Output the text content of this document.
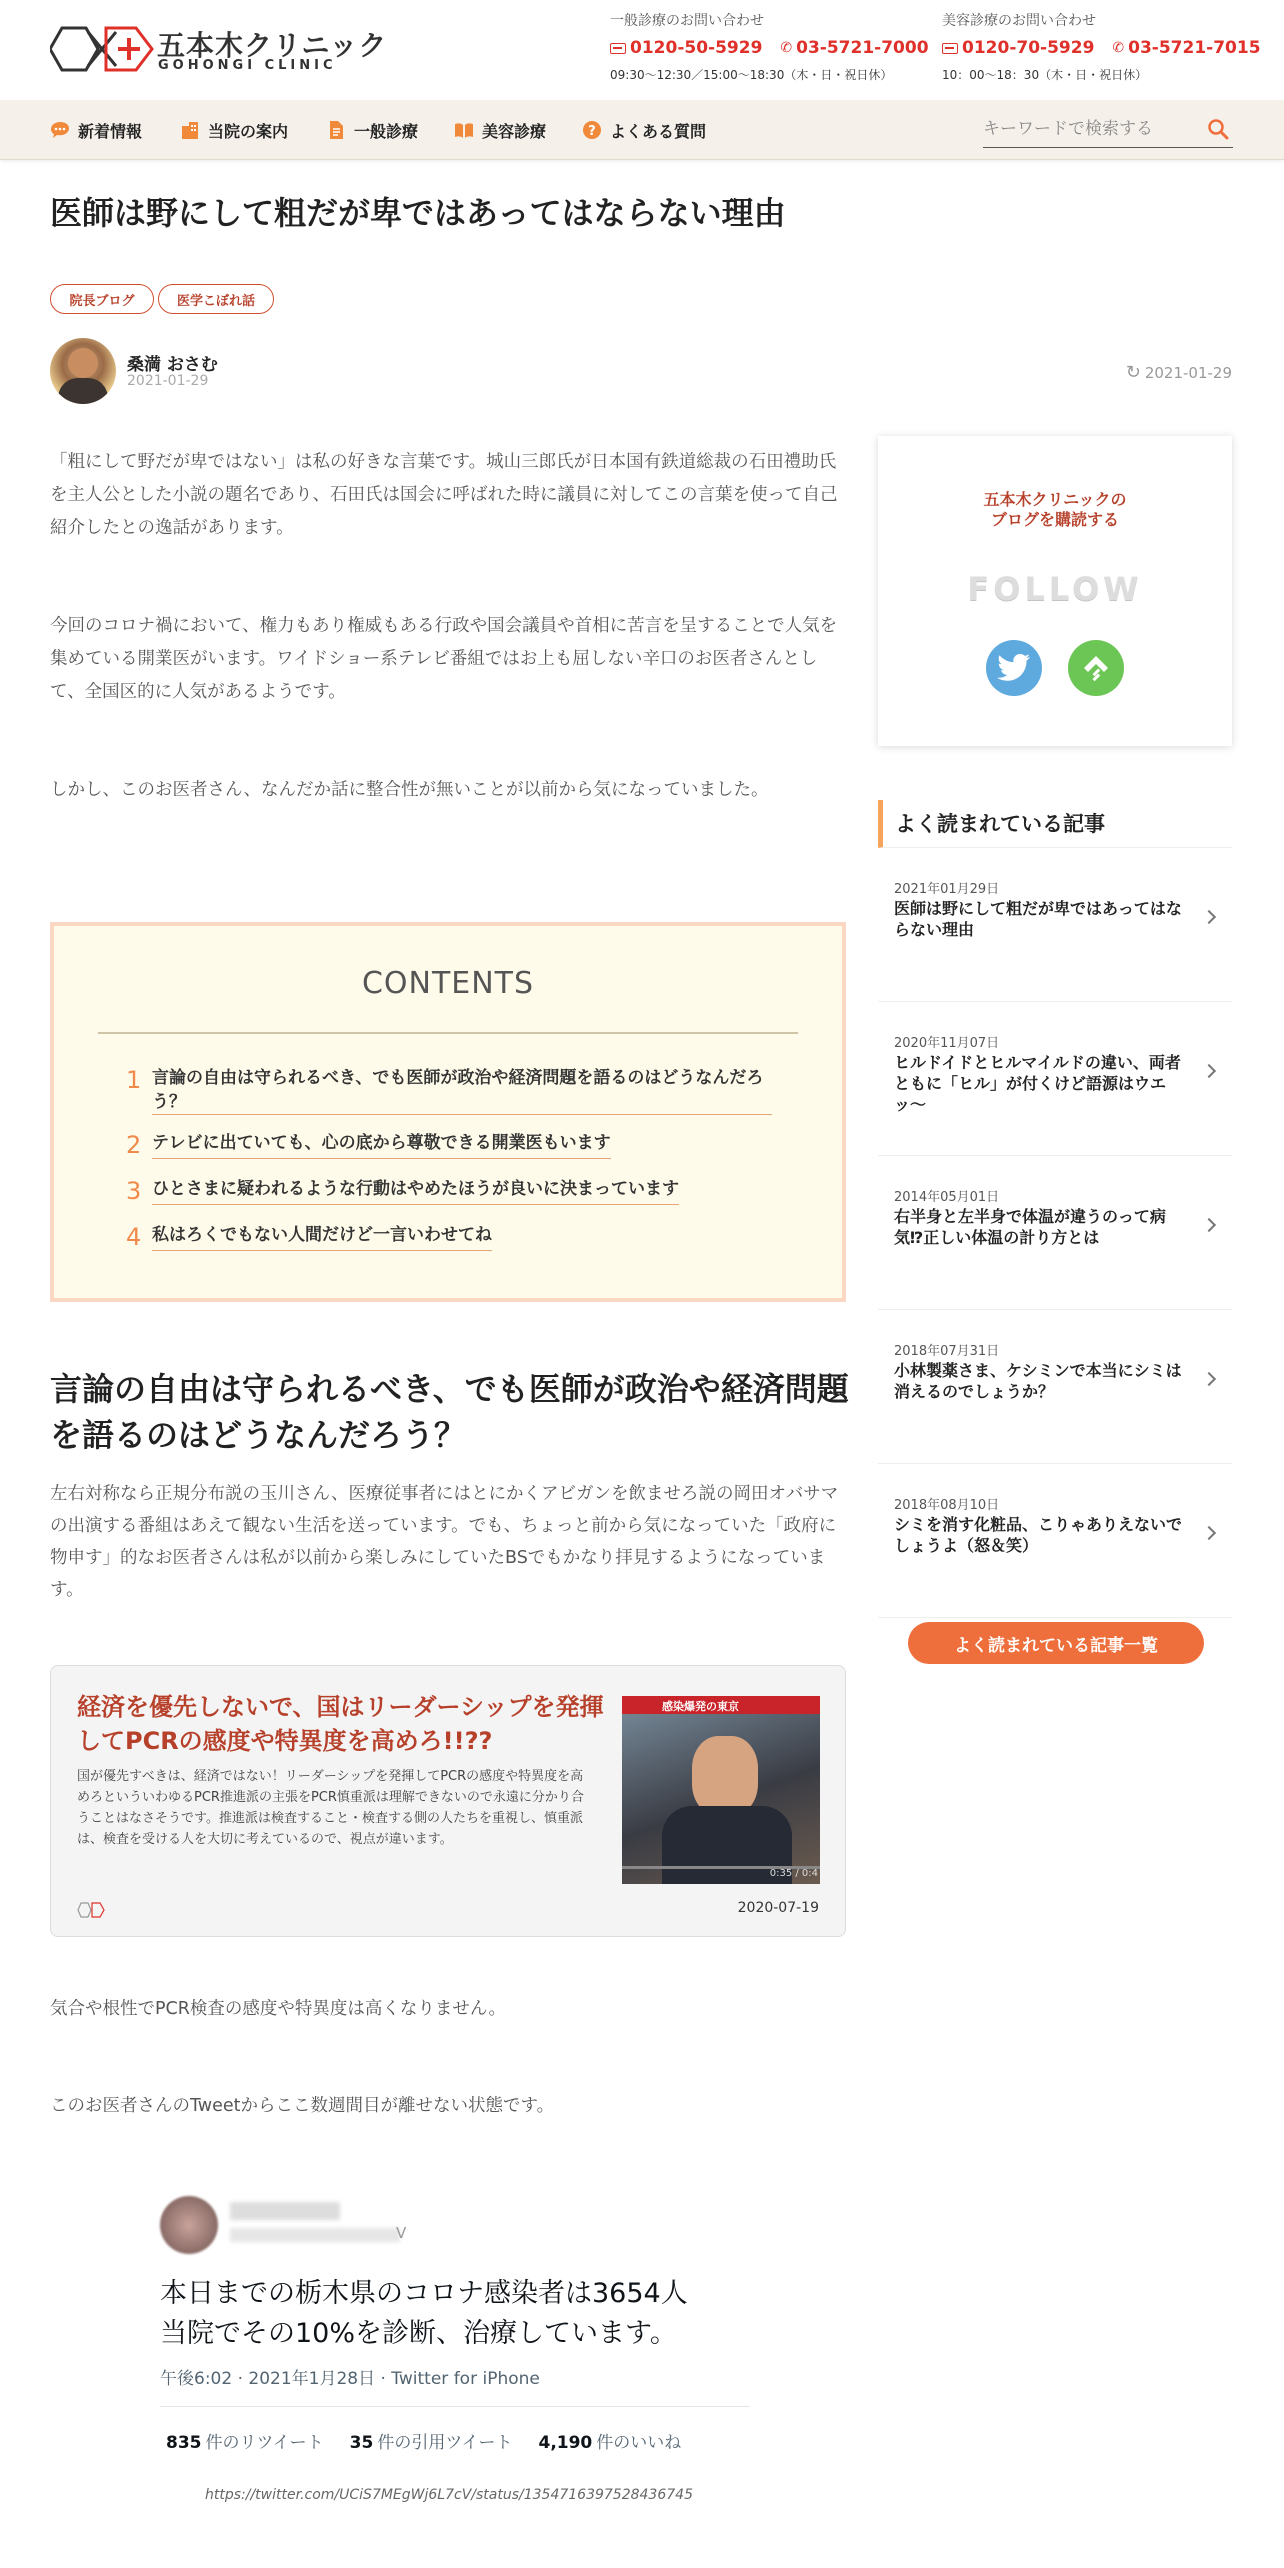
五本木クリニック
GOHONGI CLINIC
一般診療のお問い合わせ
0120-50-5929 ✆ 03-5721-7000
09:30〜12:30／15:00〜18:30（木・日・祝日休）
美容診療のお問い合わせ
0120-70-5929 ✆ 03-5721-7015
10：00〜18：30（木・日・祝日休）
新着情報	当院の案内	一般診療	美容診療	? よくある質問
キーワードで検索する
医師は野にして粗だが卑ではあってはならない理由
院長ブログ	医学こぼれ話
桑満 おさむ
2021-01-29	↻ 2021-01-29

「粗にして野だが卑ではない」は私の好きな言葉です。城山三郎氏が日本国有鉄道総裁の石田禮助氏を主人公とした小説の題名であり、石田氏は国会に呼ばれた時に議員に対してこの言葉を使って自己紹介したとの逸話があります。

今回のコロナ禍において、権力もあり権威もある行政や国会議員や首相に苦言を呈することで人気を集めている開業医がいます。ワイドショー系テレビ番組ではお上も屈しない辛口のお医者さんとして、全国区的に人気があるようです。

しかし、このお医者さん、なんだか話に整合性が無いことが以前から気になっていました。

CONTENTS
1 言論の自由は守られるべき、でも医師が政治や経済問題を語るのはどうなんだろう？
2 テレビに出ていても、心の底から尊敬できる開業医もいます
3 ひとさまに疑われるような行動はやめたほうが良いに決まっています
4 私はろくでもない人間だけど一言いわせてね
言論の自由は守られるべき、でも医師が政治や経済問題を語るのはどうなんだろう？

左右対称なら正規分布説の玉川さん、医療従事者にはとにかくアビガンを飲ませろ説の岡田オバサマの出演する番組はあえて観ない生活を送っています。でも、ちょっと前から気になっていた「政府に物申す」的なお医者さんは私が以前から楽しみにしていたBSでもかなり拝見するようになっています。

経済を優先しないで、国はリーダーシップを発揮してPCRの感度や特異度を高めろ!!??
国が優先すべきは、経済ではない！リーダーシップを発揮してPCRの感度や特異度を高めろといういわゆるPCR推進派の主張をPCR慎重派は理解できないので永遠に分かり合うことはなさそうです。推進派は検査すること・検査する側の人たちを重視し、慎重派は、検査を受ける人を大切に考えているので、視点が違います。
感染爆発の東京
0:35 / 0:4
2020-07-19

気合や根性でPCR検査の感度や特異度は高くなりません。

このお医者さんのTweetからここ数週間目が離せない状態です。

V
本日までの栃木県のコロナ感染者は3654人
当院でその10%を診断、治療しています。
午後6:02 · 2021年1月28日 · Twitter for iPhone
835 件のリツイート 35 件の引用ツイート 4,190 件のいいね
https://twitter.com/UCiS7MEgWj6L7cV/status/1354716397528436745
五本木クリニックの
ブログを購読する
FOLLOW
よく読まれている記事
2021年01月29日
医師は野にして粗だが卑ではあってはならない理由
2020年11月07日
ヒルドイドとヒルマイルドの違い、両者ともに「ヒル」が付くけど語源はウエッ〜
2014年05月01日
右半身と左半身で体温が違うのって病気⁉正しい体温の計り方とは
2018年07月31日
小林製薬さま、ケシミンで本当にシミは消えるのでしょうか？
2018年08月10日
シミを消す化粧品、こりゃありえないでしょうよ（怒＆笑）
よく読まれている記事一覧
